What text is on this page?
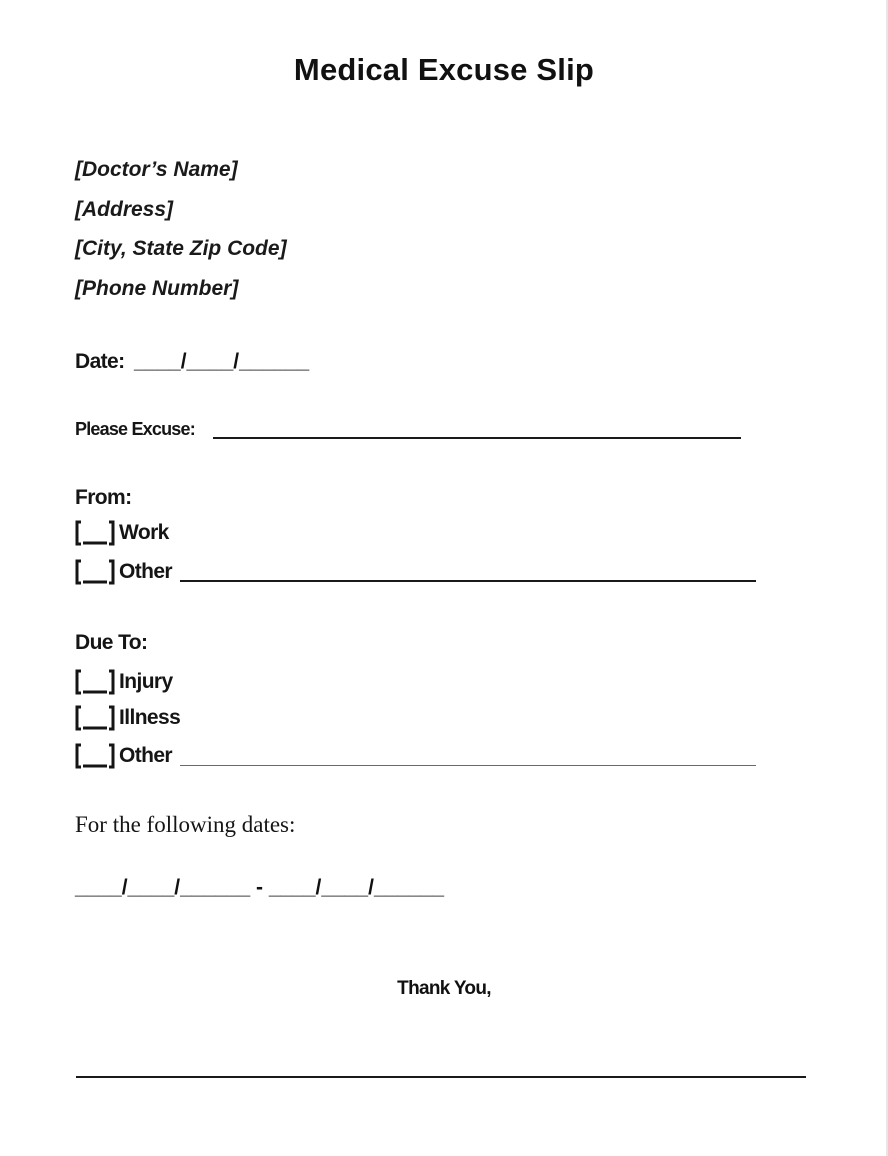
Medical Excuse Slip
[Doctor’s Name]
[Address]
[City, State Zip Code]
[Phone Number]
Date: ____/____/______
Please Excuse:
From:
Work
Other
Due To:
Injury
Illness
Other
For the following dates:
____/____/______ - ____/____/______
Thank You,
